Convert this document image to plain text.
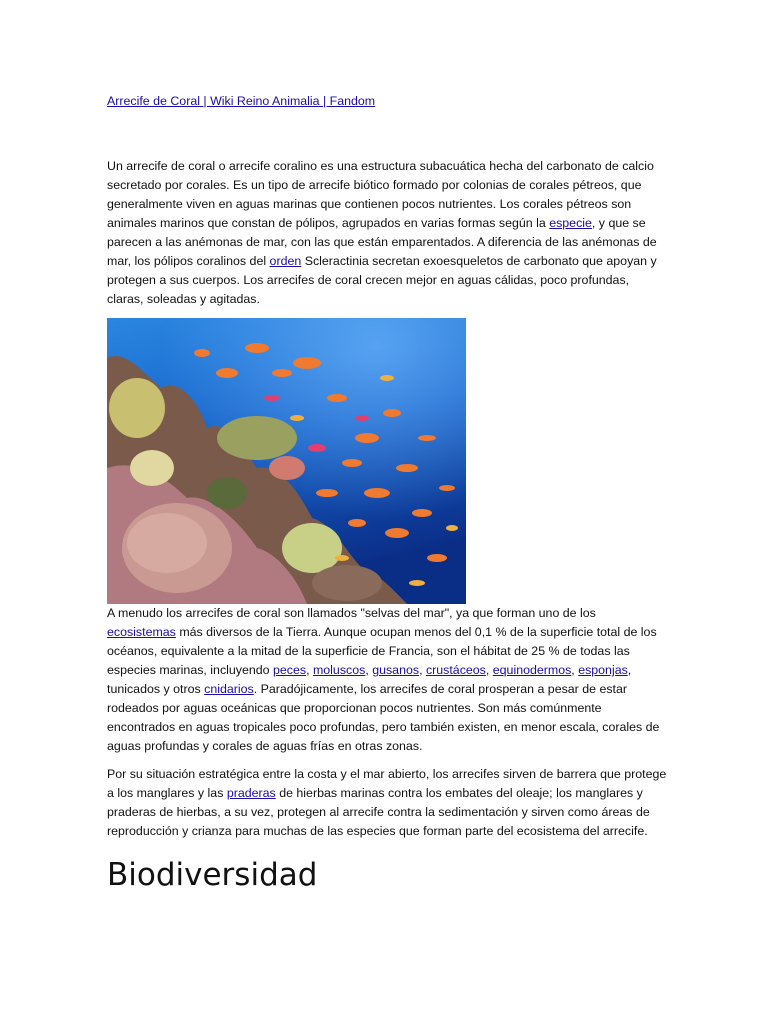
Arrecife de Coral | Wiki Reino Animalia | Fandom

Un arrecife de coral o arrecife coralino es una estructura subacuática hecha del carbonato de calcio secretado por corales. Es un tipo de arrecife biótico formado por colonias de corales pétreos, que generalmente viven en aguas marinas que contienen pocos nutrientes. Los corales pétreos son animales marinos que constan de pólipos, agrupados en varias formas según la especie, y que se parecen a las anémonas de mar, con las que están emparentados. A diferencia de las anémonas de mar, los pólipos coralinos del orden Scleractinia secretan exoesqueletos de carbonato que apoyan y protegen a sus cuerpos. Los arrecifes de coral crecen mejor en aguas cálidas, poco profundas, claras, soleadas y agitadas.

A menudo los arrecifes de coral son llamados "selvas del mar", ya que forman uno de los ecosistemas más diversos de la Tierra. Aunque ocupan menos del 0,1 % de la superficie total de los océanos, equivalente a la mitad de la superficie de Francia, son el hábitat de 25 % de todas las especies marinas, incluyendo peces, moluscos, gusanos, crustáceos, equinodermos, esponjas, tunicados y otros cnidarios. Paradójicamente, los arrecifes de coral prosperan a pesar de estar rodeados por aguas oceánicas que proporcionan pocos nutrientes. Son más comúnmente encontrados en aguas tropicales poco profundas, pero también existen, en menor escala, corales de aguas profundas y corales de aguas frías en otras zonas.

Por su situación estratégica entre la costa y el mar abierto, los arrecifes sirven de barrera que protege a los manglares y las praderas de hierbas marinas contra los embates del oleaje; los manglares y praderas de hierbas, a su vez, protegen al arrecife contra la sedimentación y sirven como áreas de reproducción y crianza para muchas de las especies que forman parte del ecosistema del arrecife.

Biodiversidad
